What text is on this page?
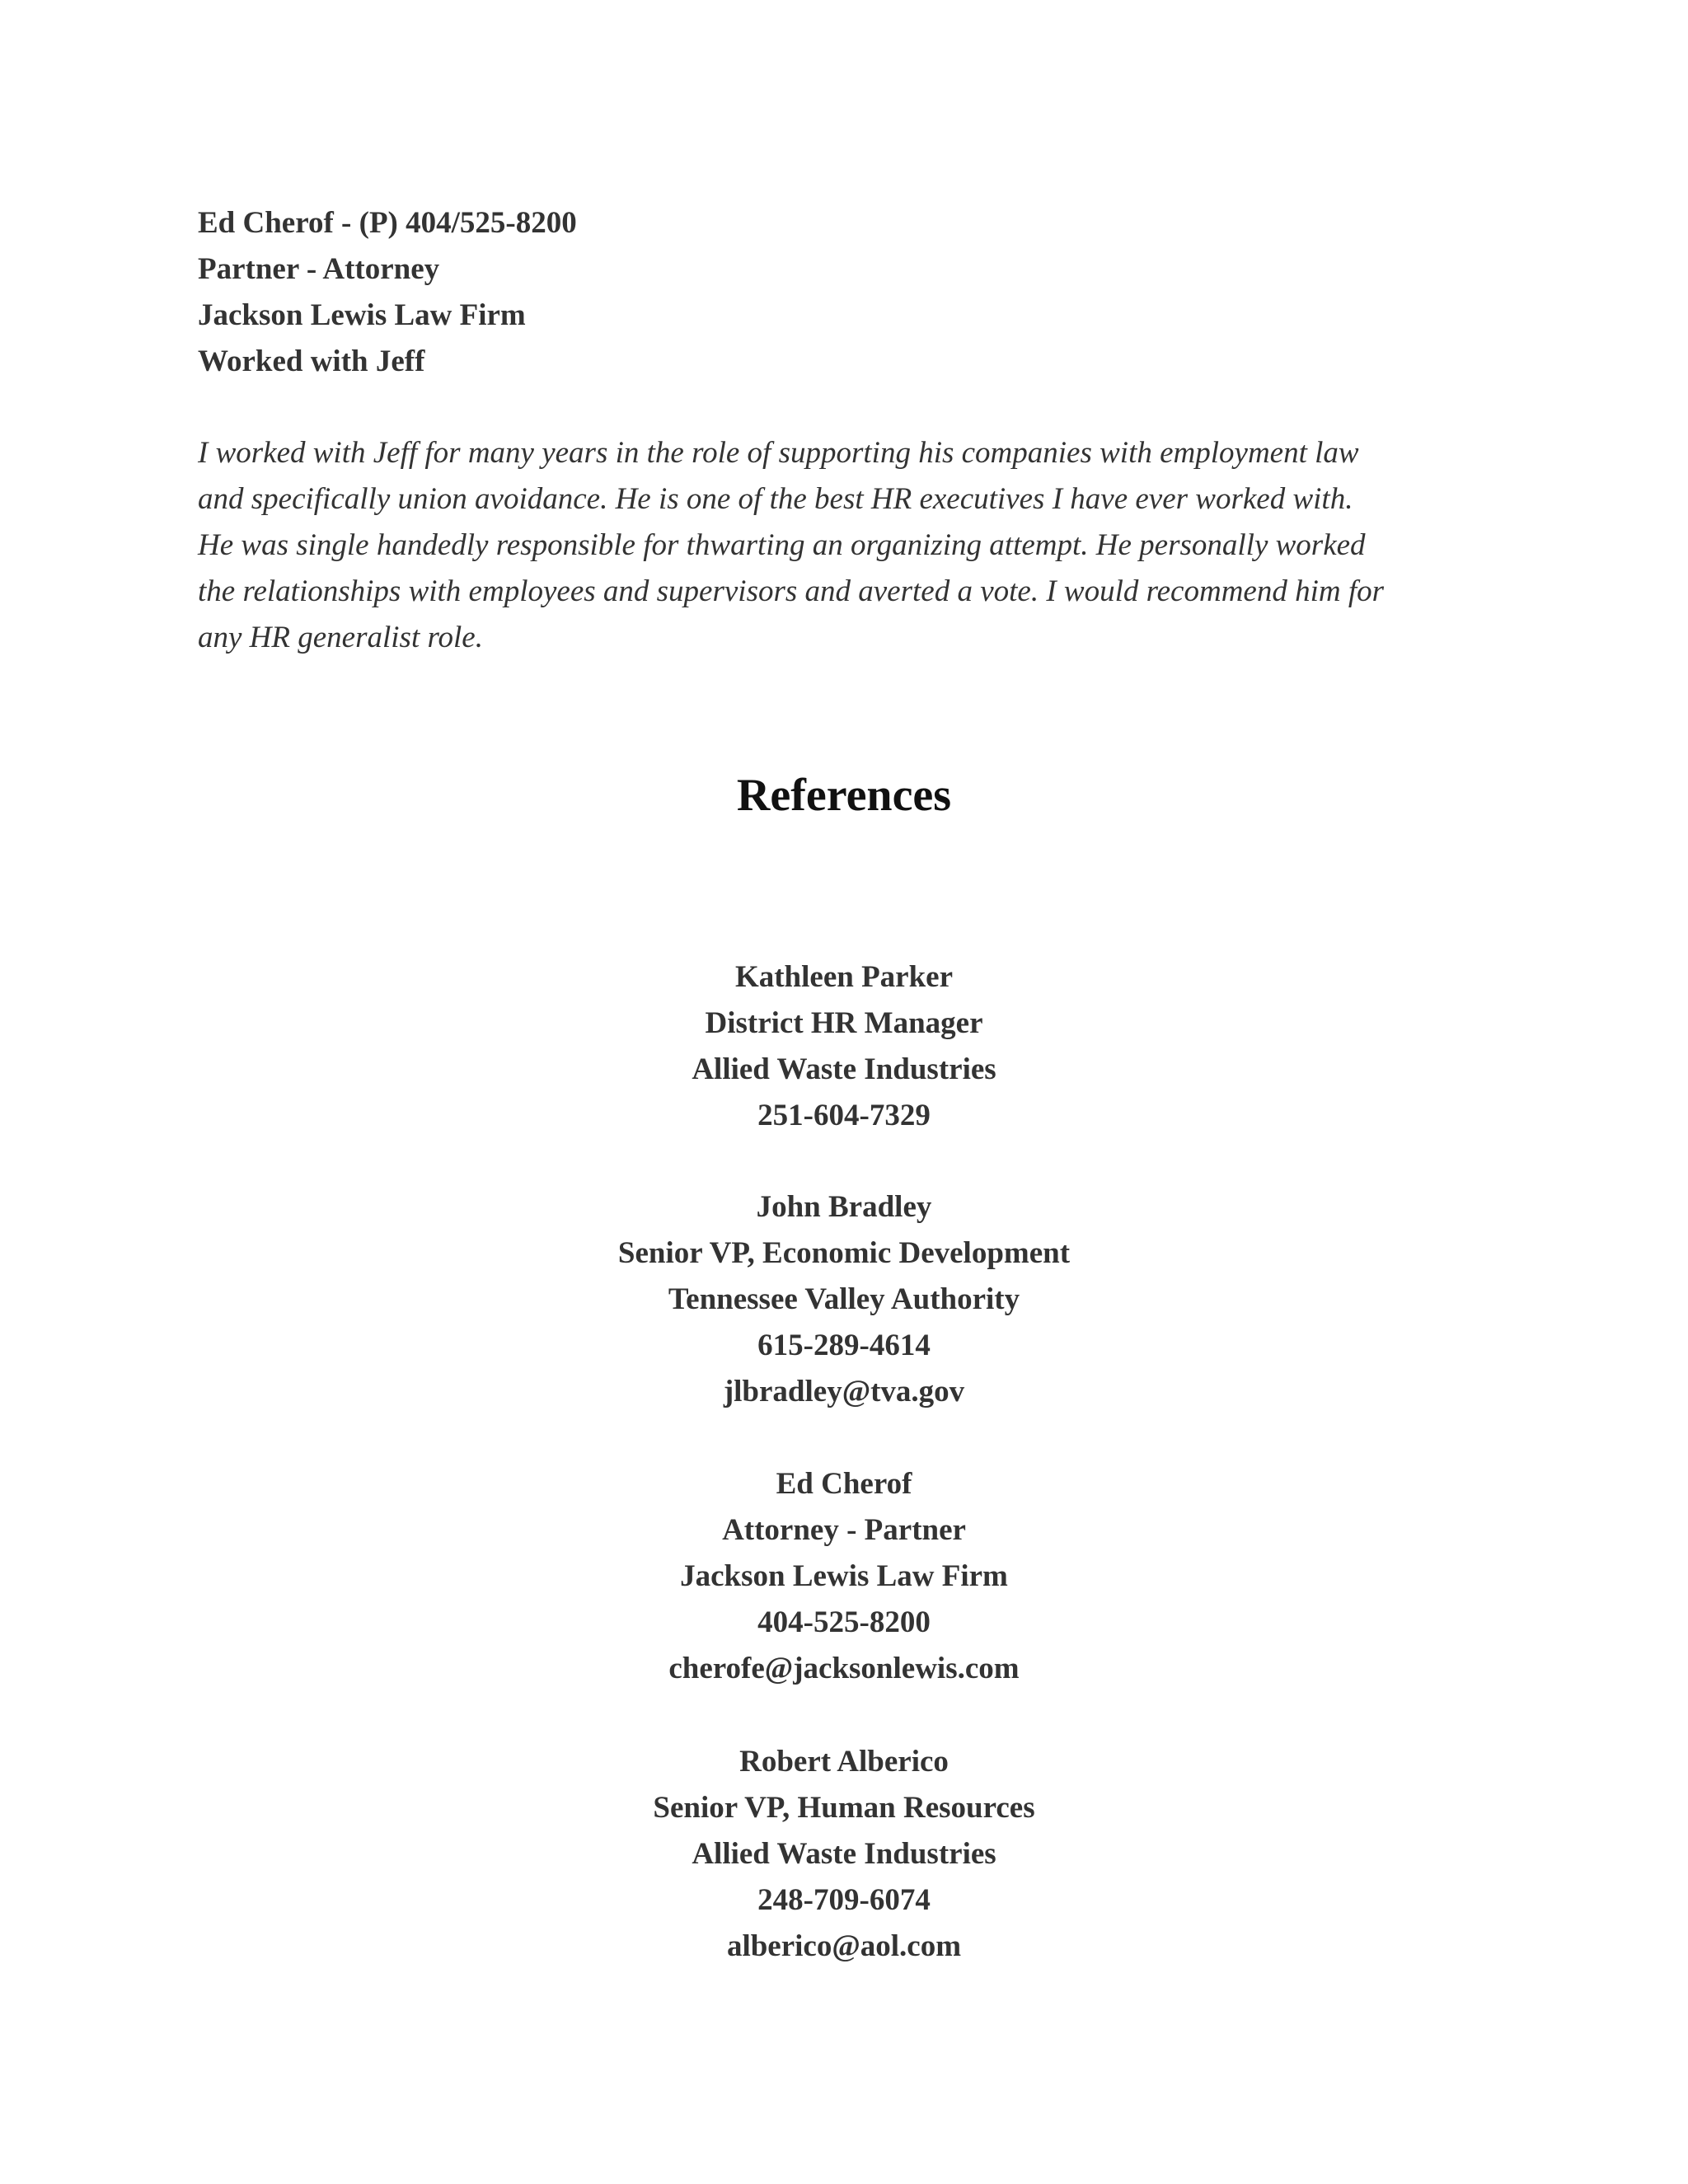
Ed Cherof - (P) 404/525-8200
Partner - Attorney
Jackson Lewis Law Firm
Worked with Jeff

I worked with Jeff for many years in the role of supporting his companies with employment law
and specifically union avoidance. He is one of the best HR executives I have ever worked with.
He was single handedly responsible for thwarting an organizing attempt. He personally worked
the relationships with employees and supervisors and averted a vote. I would recommend him for
any HR generalist role.

References
Kathleen Parker
District HR Manager
Allied Waste Industries
251-604-7329
John Bradley
Senior VP, Economic Development
Tennessee Valley Authority
615-289-4614
jlbradley@tva.gov
Ed Cherof
Attorney - Partner
Jackson Lewis Law Firm
404-525-8200
cherofe@jacksonlewis.com
Robert Alberico
Senior VP, Human Resources
Allied Waste Industries
248-709-6074
alberico@aol.com
